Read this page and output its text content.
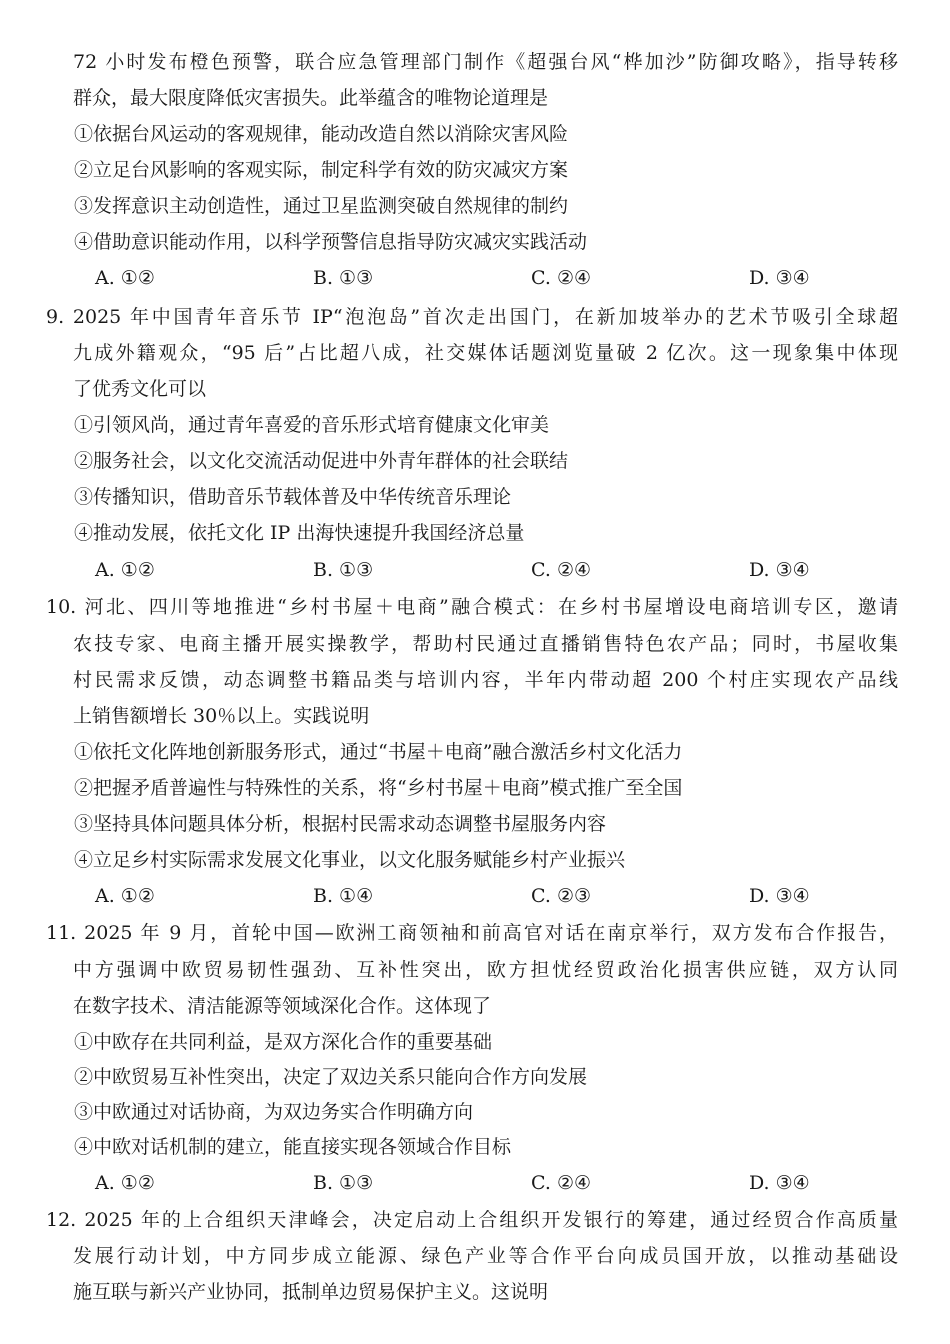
72 小时发布橙色预警，联合应急管理部门制作《超强台风“桦加沙”防御攻略》，指导转移
群众，最大限度降低灾害损失。此举蕴含的唯物论道理是
①依据台风运动的客观规律，能动改造自然以消除灾害风险
②立足台风影响的客观实际，制定科学有效的防灾减灾方案
③发挥意识主动创造性，通过卫星监测突破自然规律的制约
④借助意识能动作用，以科学预警信息指导防灾减灾实践活动
A. ①②	B. ①③	C. ②④	D. ③④
9. 2025 年中国青年音乐节 IP“泡泡岛”首次走出国门，在新加坡举办的艺术节吸引全球超
九成外籍观众，“95 后”占比超八成，社交媒体话题浏览量破 2 亿次。这一现象集中体现
了优秀文化可以
①引领风尚，通过青年喜爱的音乐形式培育健康文化审美
②服务社会，以文化交流活动促进中外青年群体的社会联结
③传播知识，借助音乐节载体普及中华传统音乐理论
④推动发展，依托文化 IP 出海快速提升我国经济总量
A. ①②	B. ①③	C. ②④	D. ③④
10. 河北、四川等地推进“乡村书屋＋电商”融合模式：在乡村书屋增设电商培训专区，邀请
农技专家、电商主播开展实操教学，帮助村民通过直播销售特色农产品；同时，书屋收集
村民需求反馈，动态调整书籍品类与培训内容，半年内带动超 200 个村庄实现农产品线
上销售额增长 30％以上。实践说明
①依托文化阵地创新服务形式，通过“书屋＋电商”融合激活乡村文化活力
②把握矛盾普遍性与特殊性的关系，将“乡村书屋＋电商”模式推广至全国
③坚持具体问题具体分析，根据村民需求动态调整书屋服务内容
④立足乡村实际需求发展文化事业，以文化服务赋能乡村产业振兴
A. ①②	B. ①④	C. ②③	D. ③④
11. 2025 年 9 月，首轮中国—欧洲工商领袖和前高官对话在南京举行，双方发布合作报告，
中方强调中欧贸易韧性强劲、互补性突出，欧方担忧经贸政治化损害供应链，双方认同
在数字技术、清洁能源等领域深化合作。这体现了
①中欧存在共同利益，是双方深化合作的重要基础
②中欧贸易互补性突出，决定了双边关系只能向合作方向发展
③中欧通过对话协商，为双边务实合作明确方向
④中欧对话机制的建立，能直接实现各领域合作目标
A. ①②	B. ①③	C. ②④	D. ③④
12. 2025 年的上合组织天津峰会，决定启动上合组织开发银行的筹建，通过经贸合作高质量
发展行动计划，中方同步成立能源、绿色产业等合作平台向成员国开放，以推动基础设
施互联与新兴产业协同，抵制单边贸易保护主义。这说明
